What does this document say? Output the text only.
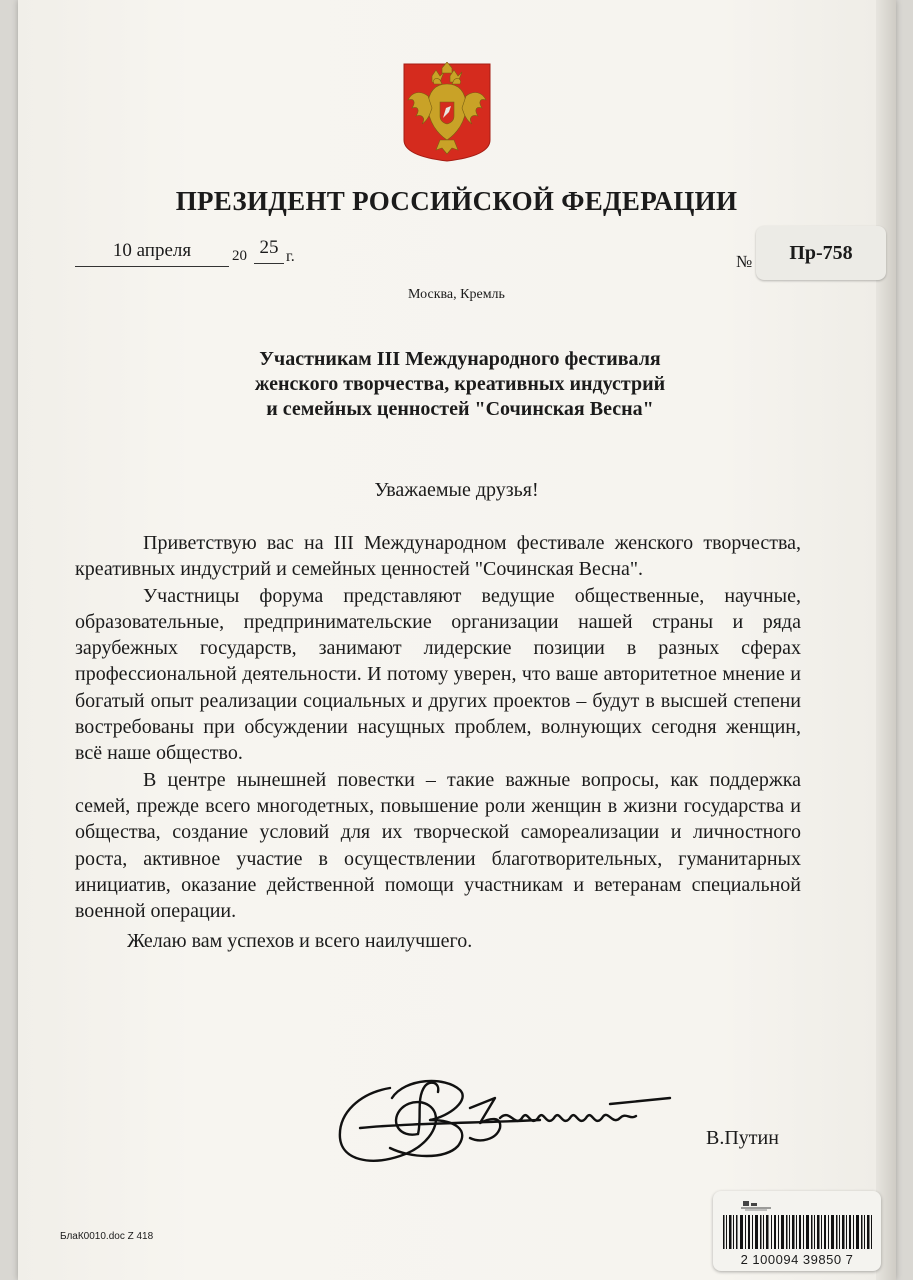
ПРЕЗИДЕНТ РОССИЙСКОЙ ФЕДЕРАЦИИ
10 апреля	20 25 г.	№	Пр-758
Москва, Кремль
Участникам III Международного фестиваля
женского творчества, креативных индустрий
и семейных ценностей "Сочинская Весна"
Уважаемые друзья!

Приветствую вас на III Международном фестивале женского творчества, креативных индустрий и семейных ценностей "Сочинская Весна".

Участницы форума представляют ведущие общественные, научные, образовательные, предпринимательские организации нашей страны и ряда зарубежных государств, занимают лидерские позиции в разных сферах профессиональной деятельности. И потому уверен, что ваше авторитетное мнение и богатый опыт реализации социальных и других проектов – будут в высшей степени востребованы при обсуждении насущных проблем, волнующих сегодня женщин, всё наше общество.

В центре нынешней повестки – такие важные вопросы, как поддержка семей, прежде всего многодетных, повышение роли женщин в жизни государства и общества, создание условий для их творческой самореализации и личностного роста, активное участие в осуществлении благотворительных, гуманитарных инициатив, оказание действенной помощи участникам и ветеранам специальной военной операции.

Желаю вам успехов и всего наилучшего.

В.Путин
БлаК0010.doc Z 418
2 100094 39850 7
